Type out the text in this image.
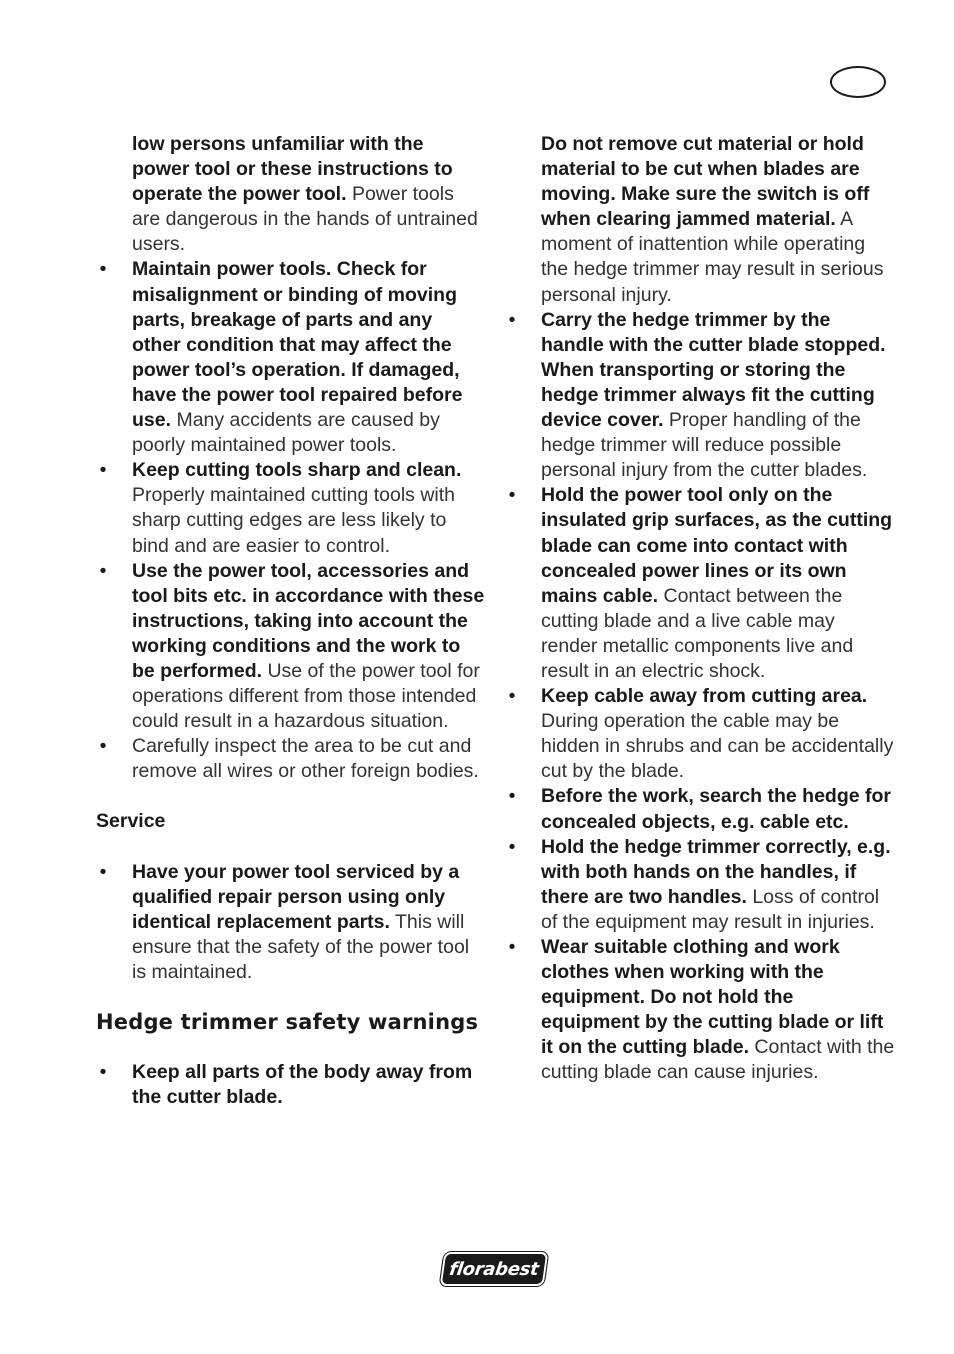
low persons unfamiliar with the power tool or these instructions to operate the power tool. Power tools are dangerous in the hands of untrained users.
• Maintain power tools. Check for misalignment or binding of moving parts, breakage of parts and any other condition that may affect the power tool’s operation. If damaged, have the power tool repaired before use. Many accidents are caused by poorly maintained power tools.
• Keep cutting tools sharp and clean. Properly maintained cutting tools with sharp cutting edges are less likely to bind and are easier to control.
• Use the power tool, accessories and tool bits etc. in accordance with these instructions, taking into account the working conditions and the work to be performed. Use of the power tool for operations different from those intended could result in a hazardous situation.
• Carefully inspect the area to be cut and remove all wires or other foreign bodies.
Service
• Have your power tool serviced by a qualified repair person using only identical replacement parts. This will ensure that the safety of the power tool is maintained.
Hedge trimmer safety warnings
• Keep all parts of the body away from the cutter blade.
Do not remove cut material or hold material to be cut when blades are moving. Make sure the switch is off when clearing jammed material. A moment of inattention while operating the hedge trimmer may result in serious personal injury.
• Carry the hedge trimmer by the handle with the cutter blade stopped. When transporting or storing the hedge trimmer always fit the cutting device cover. Proper handling of the hedge trimmer will reduce possible personal injury from the cutter blades.
• Hold the power tool only on the insulated grip surfaces, as the cutting blade can come into contact with concealed power lines or its own mains cable. Contact between the cutting blade and a live cable may render metallic components live and result in an electric shock.
• Keep cable away from cutting area. During operation the cable may be hidden in shrubs and can be accidentally cut by the blade.
• Before the work, search the hedge for concealed objects, e.g. cable etc.
• Hold the hedge trimmer correctly, e.g. with both hands on the handles, if there are two handles. Loss of control of the equipment may result in injuries.
• Wear suitable clothing and work clothes when working with the equipment. Do not hold the equipment by the cutting blade or lift it on the cutting blade. Contact with the cutting blade can cause injuries.
florabest
